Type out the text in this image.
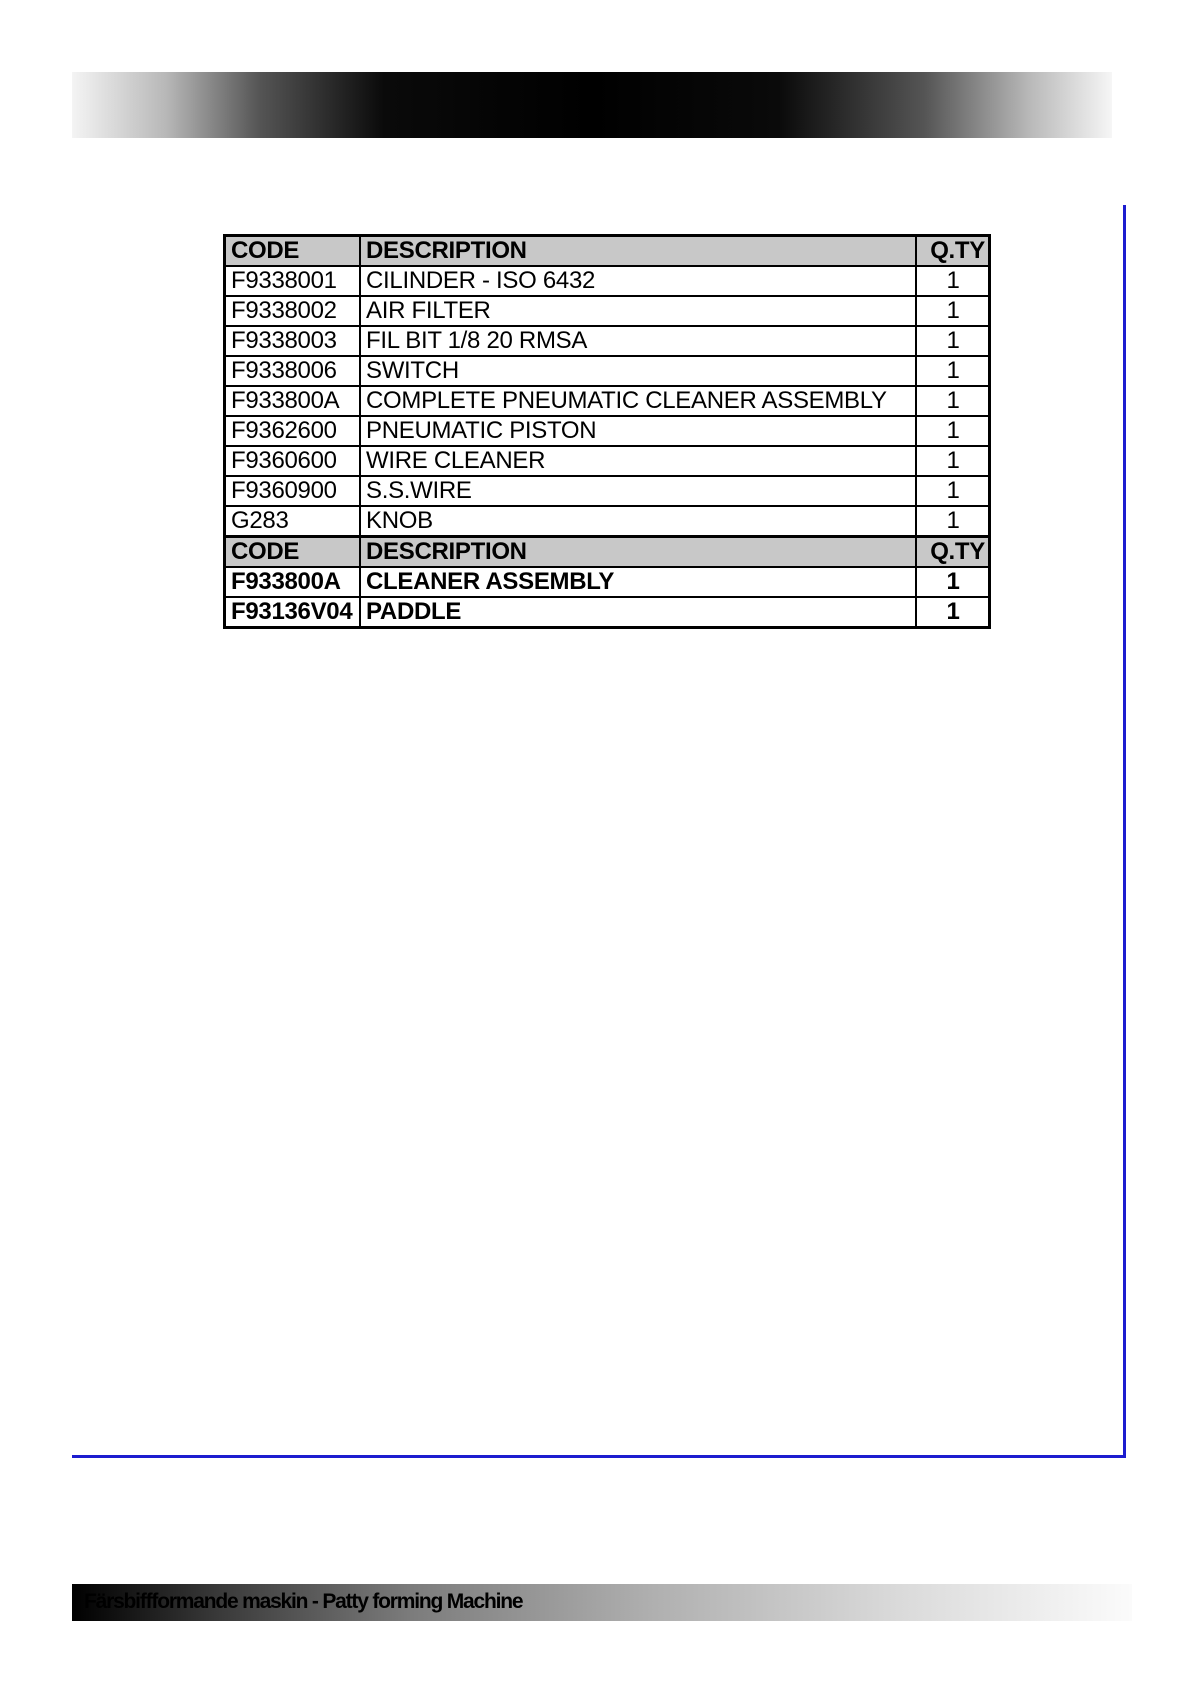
CODE	DESCRIPTION	Q.TY
F9338001	CILINDER - ISO 6432	1
F9338002	AIR FILTER	1
F9338003	FIL BIT 1/8 20 RMSA	1
F9338006	SWITCH	1
F933800A	COMPLETE PNEUMATIC CLEANER ASSEMBLY	1
F9362600	PNEUMATIC PISTON	1
F9360600	WIRE CLEANER	1
F9360900	S.S.WIRE	1
G283	KNOB	1
CODE	DESCRIPTION	Q.TY
F933800A	CLEANER ASSEMBLY	1
F93136V04	PADDLE	1
Färsbiffformande maskin - Patty forming Machine
